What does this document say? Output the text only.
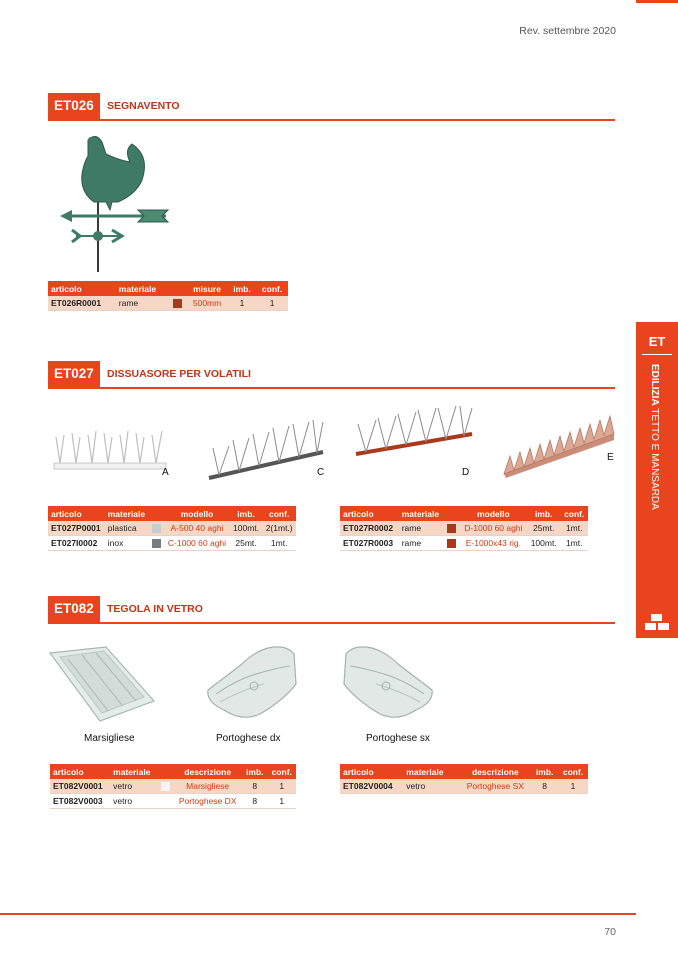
Rev. settembre 2020
ET
EDILIZIA TETTO E MANSARDA
ET026	SEGNAVENTO
articolo	materiale		misure	imb.	conf.
ET026R0001	rame		500mm	1	1
ET027	DISSUASORE PER VOLATILI
A	C	D
E
articolo	materiale		modello	imb.	conf.
ET027P0001	plastica		A-500 40 aghi	100mt.	2(1mt.)
ET027I0002	inox		C-1000 60 aghi	25mt.	1mt.
articolo	materiale		modello	imb.	conf.
ET027R0002	rame		D-1000 60 aghi	25mt.	1mt.
ET027R0003	rame		E-1000x43 rig.	100mt.	1mt.
ET082	TEGOLA IN VETRO
Marsigliese	Portoghese dx	Portoghese sx
articolo	materiale		descrizione	imb.	conf.
ET082V0001	vetro		Marsigliese	8	1
ET082V0003	vetro		Portoghese DX	8	1
articolo	materiale		descrizione	imb.	conf.
ET082V0004	vetro		Portoghese SX	8	1
70
